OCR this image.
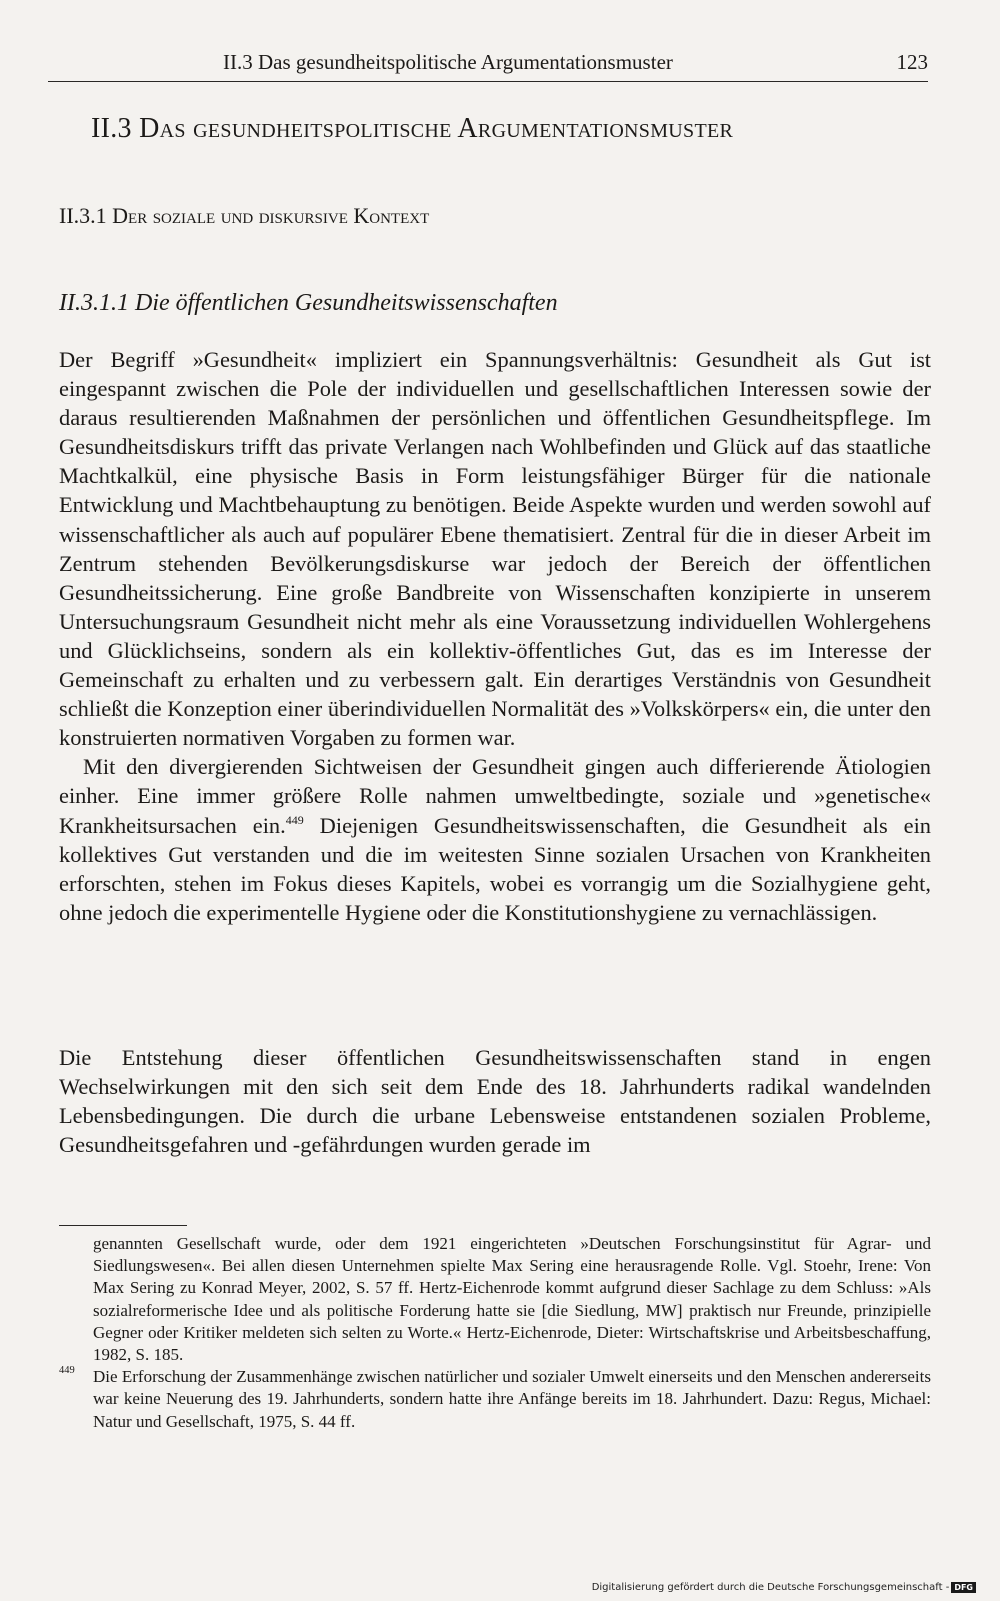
II.3 Das gesundheitspolitische Argumentationsmuster	123
II.3 Das gesundheitspolitische Argumentationsmuster
II.3.1 Der soziale und diskursive Kontext
II.3.1.1 Die öffentlichen Gesundheitswissenschaften

Der Begriff »Gesundheit« impliziert ein Spannungsverhältnis: Gesundheit als Gut ist eingespannt zwischen die Pole der individuellen und gesellschaftlichen Interessen sowie der daraus resultierenden Maßnahmen der persönlichen und öffentlichen Gesundheitspflege. Im Gesundheitsdiskurs trifft das private Verlangen nach Wohlbefinden und Glück auf das staatliche Machtkalkül, eine physische Basis in Form leistungsfähiger Bürger für die nationale Entwicklung und Machtbehauptung zu benötigen. Beide Aspekte wurden und werden sowohl auf wissenschaftlicher als auch auf populärer Ebene thematisiert. Zentral für die in dieser Arbeit im Zentrum stehenden Bevölkerungsdiskurse war jedoch der Bereich der öffentlichen Gesundheitssicherung. Eine große Bandbreite von Wissenschaften konzipierte in unserem Untersuchungsraum Gesundheit nicht mehr als eine Voraussetzung individuellen Wohlergehens und Glücklichseins, sondern als ein kollektiv-öffentliches Gut, das es im Interesse der Gemeinschaft zu erhalten und zu verbessern galt. Ein derartiges Verständnis von Gesundheit schließt die Konzeption einer überindividuellen Normalität des »Volkskörpers« ein, die unter den konstruierten normativen Vorgaben zu formen war.

Mit den divergierenden Sichtweisen der Gesundheit gingen auch differierende Ätiologien einher. Eine immer größere Rolle nahmen umweltbedingte, soziale und »genetische« Krankheitsursachen ein.$^{449}$ Diejenigen Gesundheitswissenschaften, die Gesundheit als ein kollektives Gut verstanden und die im weitesten Sinne sozialen Ursachen von Krankheiten erforschten, stehen im Fokus dieses Kapitels, wobei es vorrangig um die Sozialhygiene geht, ohne jedoch die experimentelle Hygiene oder die Konstitutionshygiene zu vernachlässigen.

Die Entstehung dieser öffentlichen Gesundheitswissenschaften stand in engen Wechselwirkungen mit den sich seit dem Ende des 18. Jahrhunderts radikal wandelnden Lebensbedingungen. Die durch die urbane Lebensweise entstandenen sozialen Probleme, Gesundheitsgefahren und -gefährdungen wurden gerade im

genannten Gesellschaft wurde, oder dem 1921 eingerichteten »Deutschen Forschungsinstitut für Agrar- und Siedlungswesen«. Bei allen diesen Unternehmen spielte Max Sering eine herausragende Rolle. Vgl. Stoehr, Irene: Von Max Sering zu Konrad Meyer, 2002, S. 57 ff. Hertz-Eichenrode kommt aufgrund dieser Sachlage zu dem Schluss: »Als sozialreformerische Idee und als politische Forderung hatte sie [die Siedlung, MW] praktisch nur Freunde, prinzipielle Gegner oder Kritiker meldeten sich selten zu Worte.« Hertz-Eichenrode, Dieter: Wirtschaftskrise und Arbeitsbeschaffung, 1982, S. 185.

449 Die Erforschung der Zusammenhänge zwischen natürlicher und sozialer Umwelt einerseits und den Menschen andererseits war keine Neuerung des 19. Jahrhunderts, sondern hatte ihre Anfänge bereits im 18. Jahrhundert. Dazu: Regus, Michael: Natur und Gesellschaft, 1975, S. 44 ff.

Digitalisierung gefördert durch die Deutsche Forschungsgemeinschaft - DFG
